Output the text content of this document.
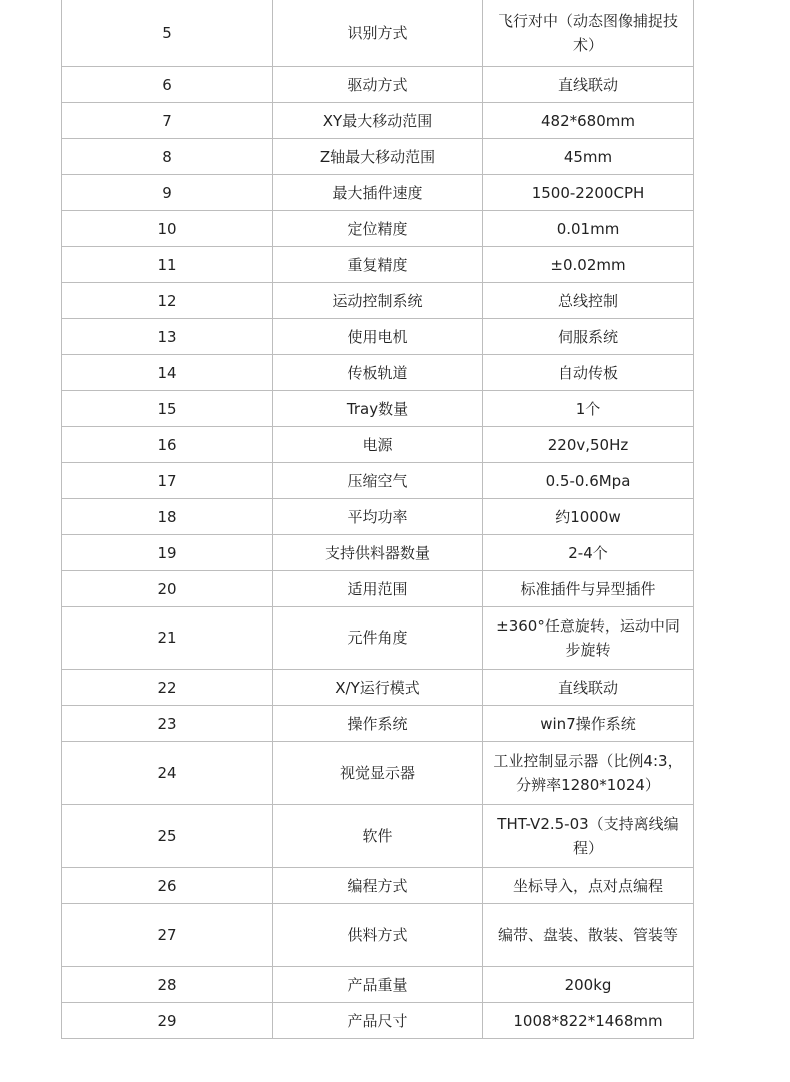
5	识别方式	飞行对中（动态图像捕捉技术）
6	驱动方式	直线联动
7	XY最大移动范围	482*680mm
8	Z轴最大移动范围	45mm
9	最大插件速度	1500-2200CPH
10	定位精度	0.01mm
11	重复精度	±0.02mm
12	运动控制系统	总线控制
13	使用电机	伺服系统
14	传板轨道	自动传板
15	Tray数量	1个
16	电源	220v,50Hz
17	压缩空气	0.5-0.6Mpa
18	平均功率	约1000w
19	支持供料器数量	2-4个
20	适用范围	标准插件与异型插件
21	元件角度	±360°任意旋转，运动中同步旋转
22	X/Y运行模式	直线联动
23	操作系统	win7操作系统
24	视觉显示器	工业控制显示器（比例4:3，分辨率1280*1024）
25	软件	THT-V2.5-03（支持离线编程）
26	编程方式	坐标导入，点对点编程
27	供料方式	编带、盘装、散装、管装等
28	产品重量	200kg
29	产品尺寸	1008*822*1468mm
